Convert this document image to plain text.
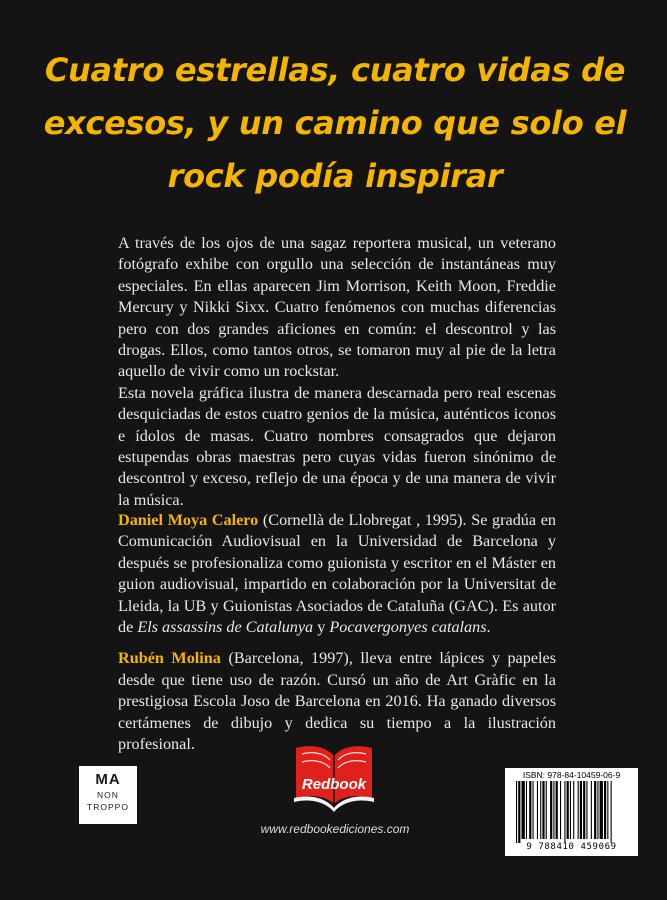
Cuatro estrellas, cuatro vidas de excesos, y un camino que solo el rock podía inspirar

A través de los ojos de una sagaz reportera musical, un veterano fotógrafo exhibe con orgullo una selección de instantáneas muy especiales. En ellas aparecen Jim Morrison, Keith Moon, Freddie Mercury y Nikki Sixx. Cuatro fenómenos con muchas diferencias pero con dos grandes aficiones en común: el descontrol y las drogas. Ellos, como tantos otros, se tomaron muy al pie de la letra aquello de vivir como un rockstar.

Esta novela gráfica ilustra de manera descarnada pero real escenas desquiciadas de estos cuatro genios de la música, auténticos iconos e ídolos de masas. Cuatro nombres consagrados que dejaron estupendas obras maestras pero cuyas vidas fueron sinónimo de descontrol y exceso, reflejo de una época y de una manera de vivir la música.

Daniel Moya Calero (Cornellà de Llobregat , 1995). Se gradúa en Comunicación Audiovisual en la Universidad de Barcelona y después se profesionaliza como guionista y escritor en el Máster en guion audiovisual, impartido en colaboración por la Universitat de Lleida, la UB y Guionistas Asociados de Cataluña (GAC). Es autor de Els assassins de Catalunya y Pocavergonyes catalans.

Rubén Molina (Barcelona, 1997), lleva entre lápices y papeles desde que tiene uso de razón. Cursó un año de Art Gràfic en la prestigiosa Escola Joso de Barcelona en 2016. Ha ganado diversos certámenes de dibujo y dedica su tiempo a la ilustración profesional.

MA
NON
TROPPO
Redbook
www.redbookediciones.com
ISBN: 978-84-10459-06-9
9 788410 459069
